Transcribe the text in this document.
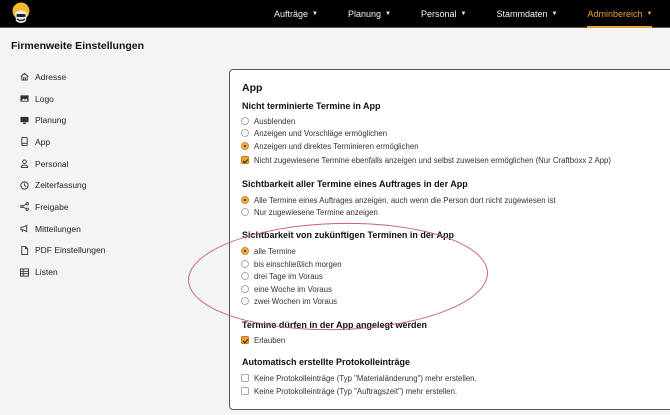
Aufträge ▼	Planung ▼	Personal ▼	Stammdaten ▼	Adminbereich ▼
Firmenweite Einstellungen
Adresse
Logo
Planung
App
Personal
Zeiterfassung
Freigabe
Mitteilungen
PDF Einstellungen
Listen
App
Nicht terminierte Termine in App
Ausblenden
Anzeigen und Vorschläge ermöglichen
Anzeigen und direktes Terminieren ermöglichen
Nicht zugewiesene Termine ebenfalls anzeigen und selbst zuweisen ermöglichen (Nur Craftboxx 2 App)
Sichtbarkeit aller Termine eines Auftrages in der App
Alle Termine eines Auftrages anzeigen, auch wenn die Person dort nicht zugewiesen ist
Nur zugewiesene Termine anzeigen
Sichtbarkeit von zukünftigen Terminen in der App
alle Termine
bis einschließlich morgen
drei Tage im Voraus
eine Woche im Voraus
zwei Wochen im Voraus
Termine dürfen in der App angelegt werden
Erlauben
Automatisch erstellte Protokolleinträge
Keine Protokolleinträge (Typ "Materialänderung") mehr erstellen.
Keine Protokolleinträge (Typ "Auftragszeit") mehr erstellen.
